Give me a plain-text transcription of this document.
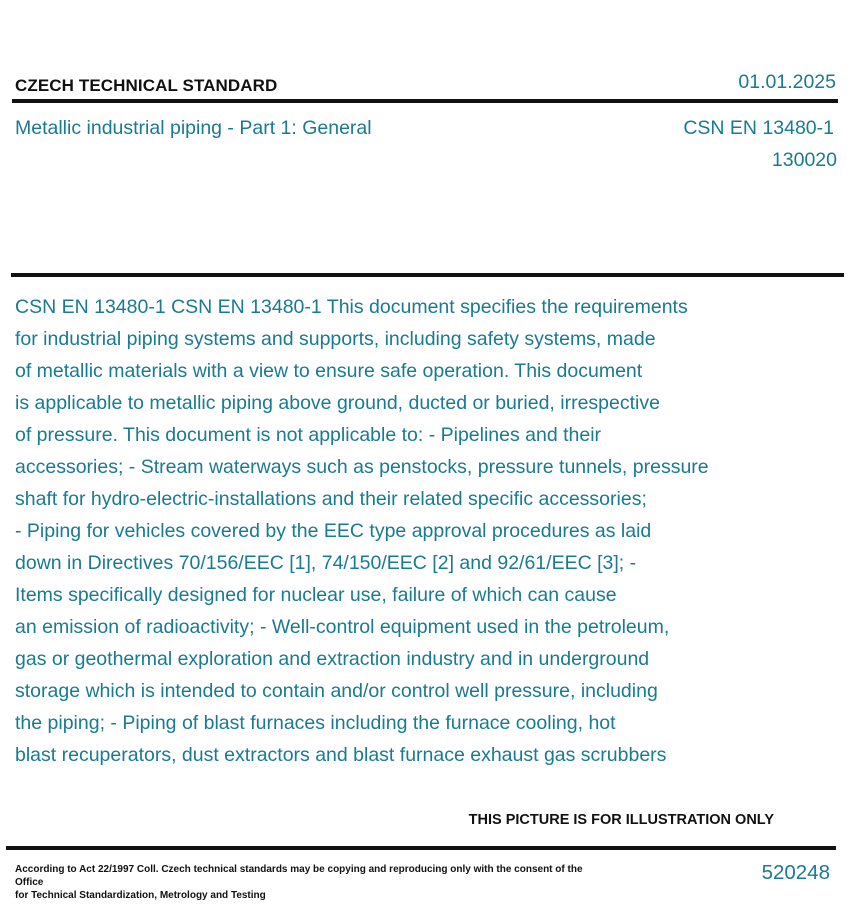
CZECH TECHNICAL STANDARD	01.01.2025

Metallic industrial piping - Part 1: General	CSN EN 13480-1

130020

CSN EN 13480-1 CSN EN 13480-1 This document specifies the requirements
for industrial piping systems and supports, including safety systems, made
of metallic materials with a view to ensure safe operation. This document
is applicable to metallic piping above ground, ducted or buried, irrespective
of pressure. This document is not applicable to: - Pipelines and their
accessories; - Stream waterways such as penstocks, pressure tunnels, pressure
shaft for hydro-electric-installations and their related specific accessories;
- Piping for vehicles covered by the EEC type approval procedures as laid
down in Directives 70/156/EEC [1], 74/150/EEC [2] and 92/61/EEC [3]; -
Items specifically designed for nuclear use, failure of which can cause
an emission of radioactivity; - Well-control equipment used in the petroleum,
gas or geothermal exploration and extraction industry and in underground
storage which is intended to contain and/or control well pressure, including
the piping; - Piping of blast furnaces including the furnace cooling, hot
blast recuperators, dust extractors and blast furnace exhaust gas scrubbers

THIS PICTURE IS FOR ILLUSTRATION ONLY

According to Act 22/1997 Coll. Czech technical standards may be copying and reproducing only with the consent of the Office
for Technical Standardization, Metrology and Testing

520248
